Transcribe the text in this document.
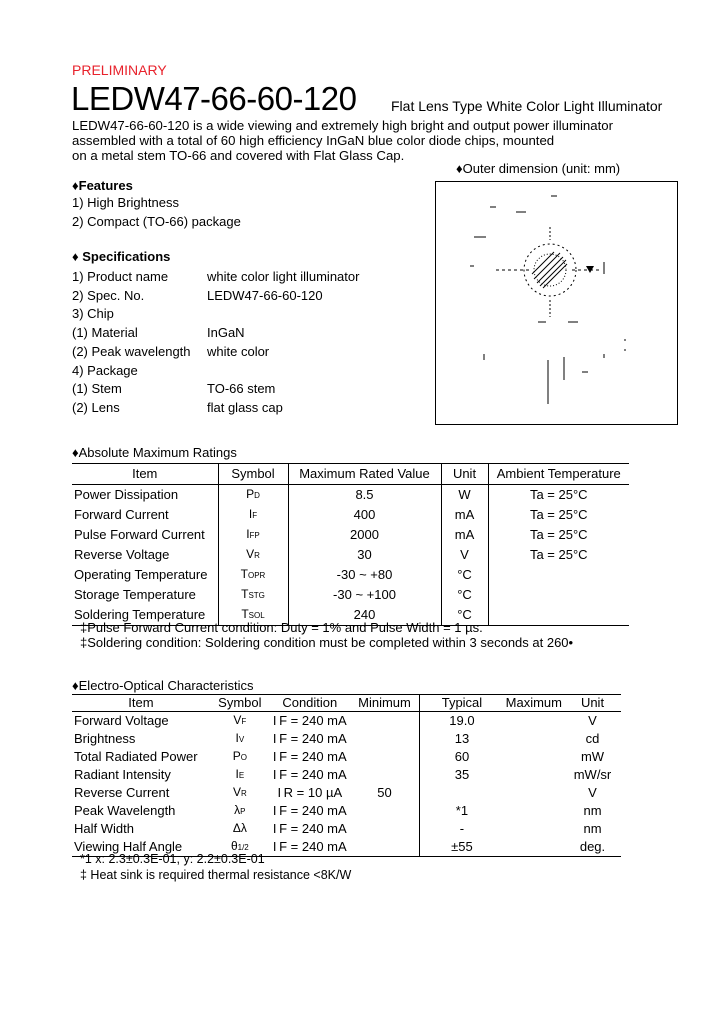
PRELIMINARY
LEDW47-66-60-120 Flat Lens Type White Color Light Illuminator
LEDW47-66-60-120 is a wide viewing and extremely high bright and output power illuminator
assembled with a total of 60 high efficiency InGaN blue color diode chips, mounted
on a metal stem TO-66 and covered with Flat Glass Cap.
♦Outer dimension (unit: mm)
♦Features
1) High Brightness
2) Compact (TO-66) package
♦ Specifications
1) Product name	white color light illuminator
2) Spec. No.	LEDW47-66-60-120
3) Chip
(1) Material	InGaN
(2) Peak wavelength white color
4) Package
(1) Stem	TO-66 stem
(2) Lens	flat glass cap
♦Absolute Maximum Ratings
Item	Symbol	Maximum Rated Value	Unit	Ambient Temperature
Power Dissipation	PD	8.5	W	Ta = 25°C
Forward Current	IF	400	mA	Ta = 25°C
Pulse Forward Current	IFP	2000	mA	Ta = 25°C
Reverse Voltage	VR	30	V	Ta = 25°C
Operating Temperature	TOPR	-30 ~ +80	°C	
Storage Temperature	TSTG	-30 ~ +100	°C	
Soldering Temperature	TSOL	240	°C	
‡Pulse Forward Current condition: Duty = 1% and Pulse Width = 1 µs.
‡Soldering condition: Soldering condition must be completed within 3 seconds at 260•
♦Electro-Optical Characteristics
Item	Symbol	Condition	Minimum	Typical	Maximum	Unit
Forward Voltage	VF	I F = 240 mA		19.0		V
Brightness	IV	I F = 240 mA		13		cd
Total Radiated Power	PO	I F = 240 mA		60		mW
Radiant Intensity	IE	I F = 240 mA		35		mW/sr
Reverse Current	VR	I R = 10 µA	50			V
Peak Wavelength	λP	I F = 240 mA		*1		nm
Half Width	Δλ	I F = 240 mA		-		nm
Viewing Half Angle	θ1/2	I F = 240 mA		±55		deg.
*1 x: 2.3±0.3E-01, y: 2.2±0.3E-01
‡ Heat sink is required thermal resistance <8K/W
